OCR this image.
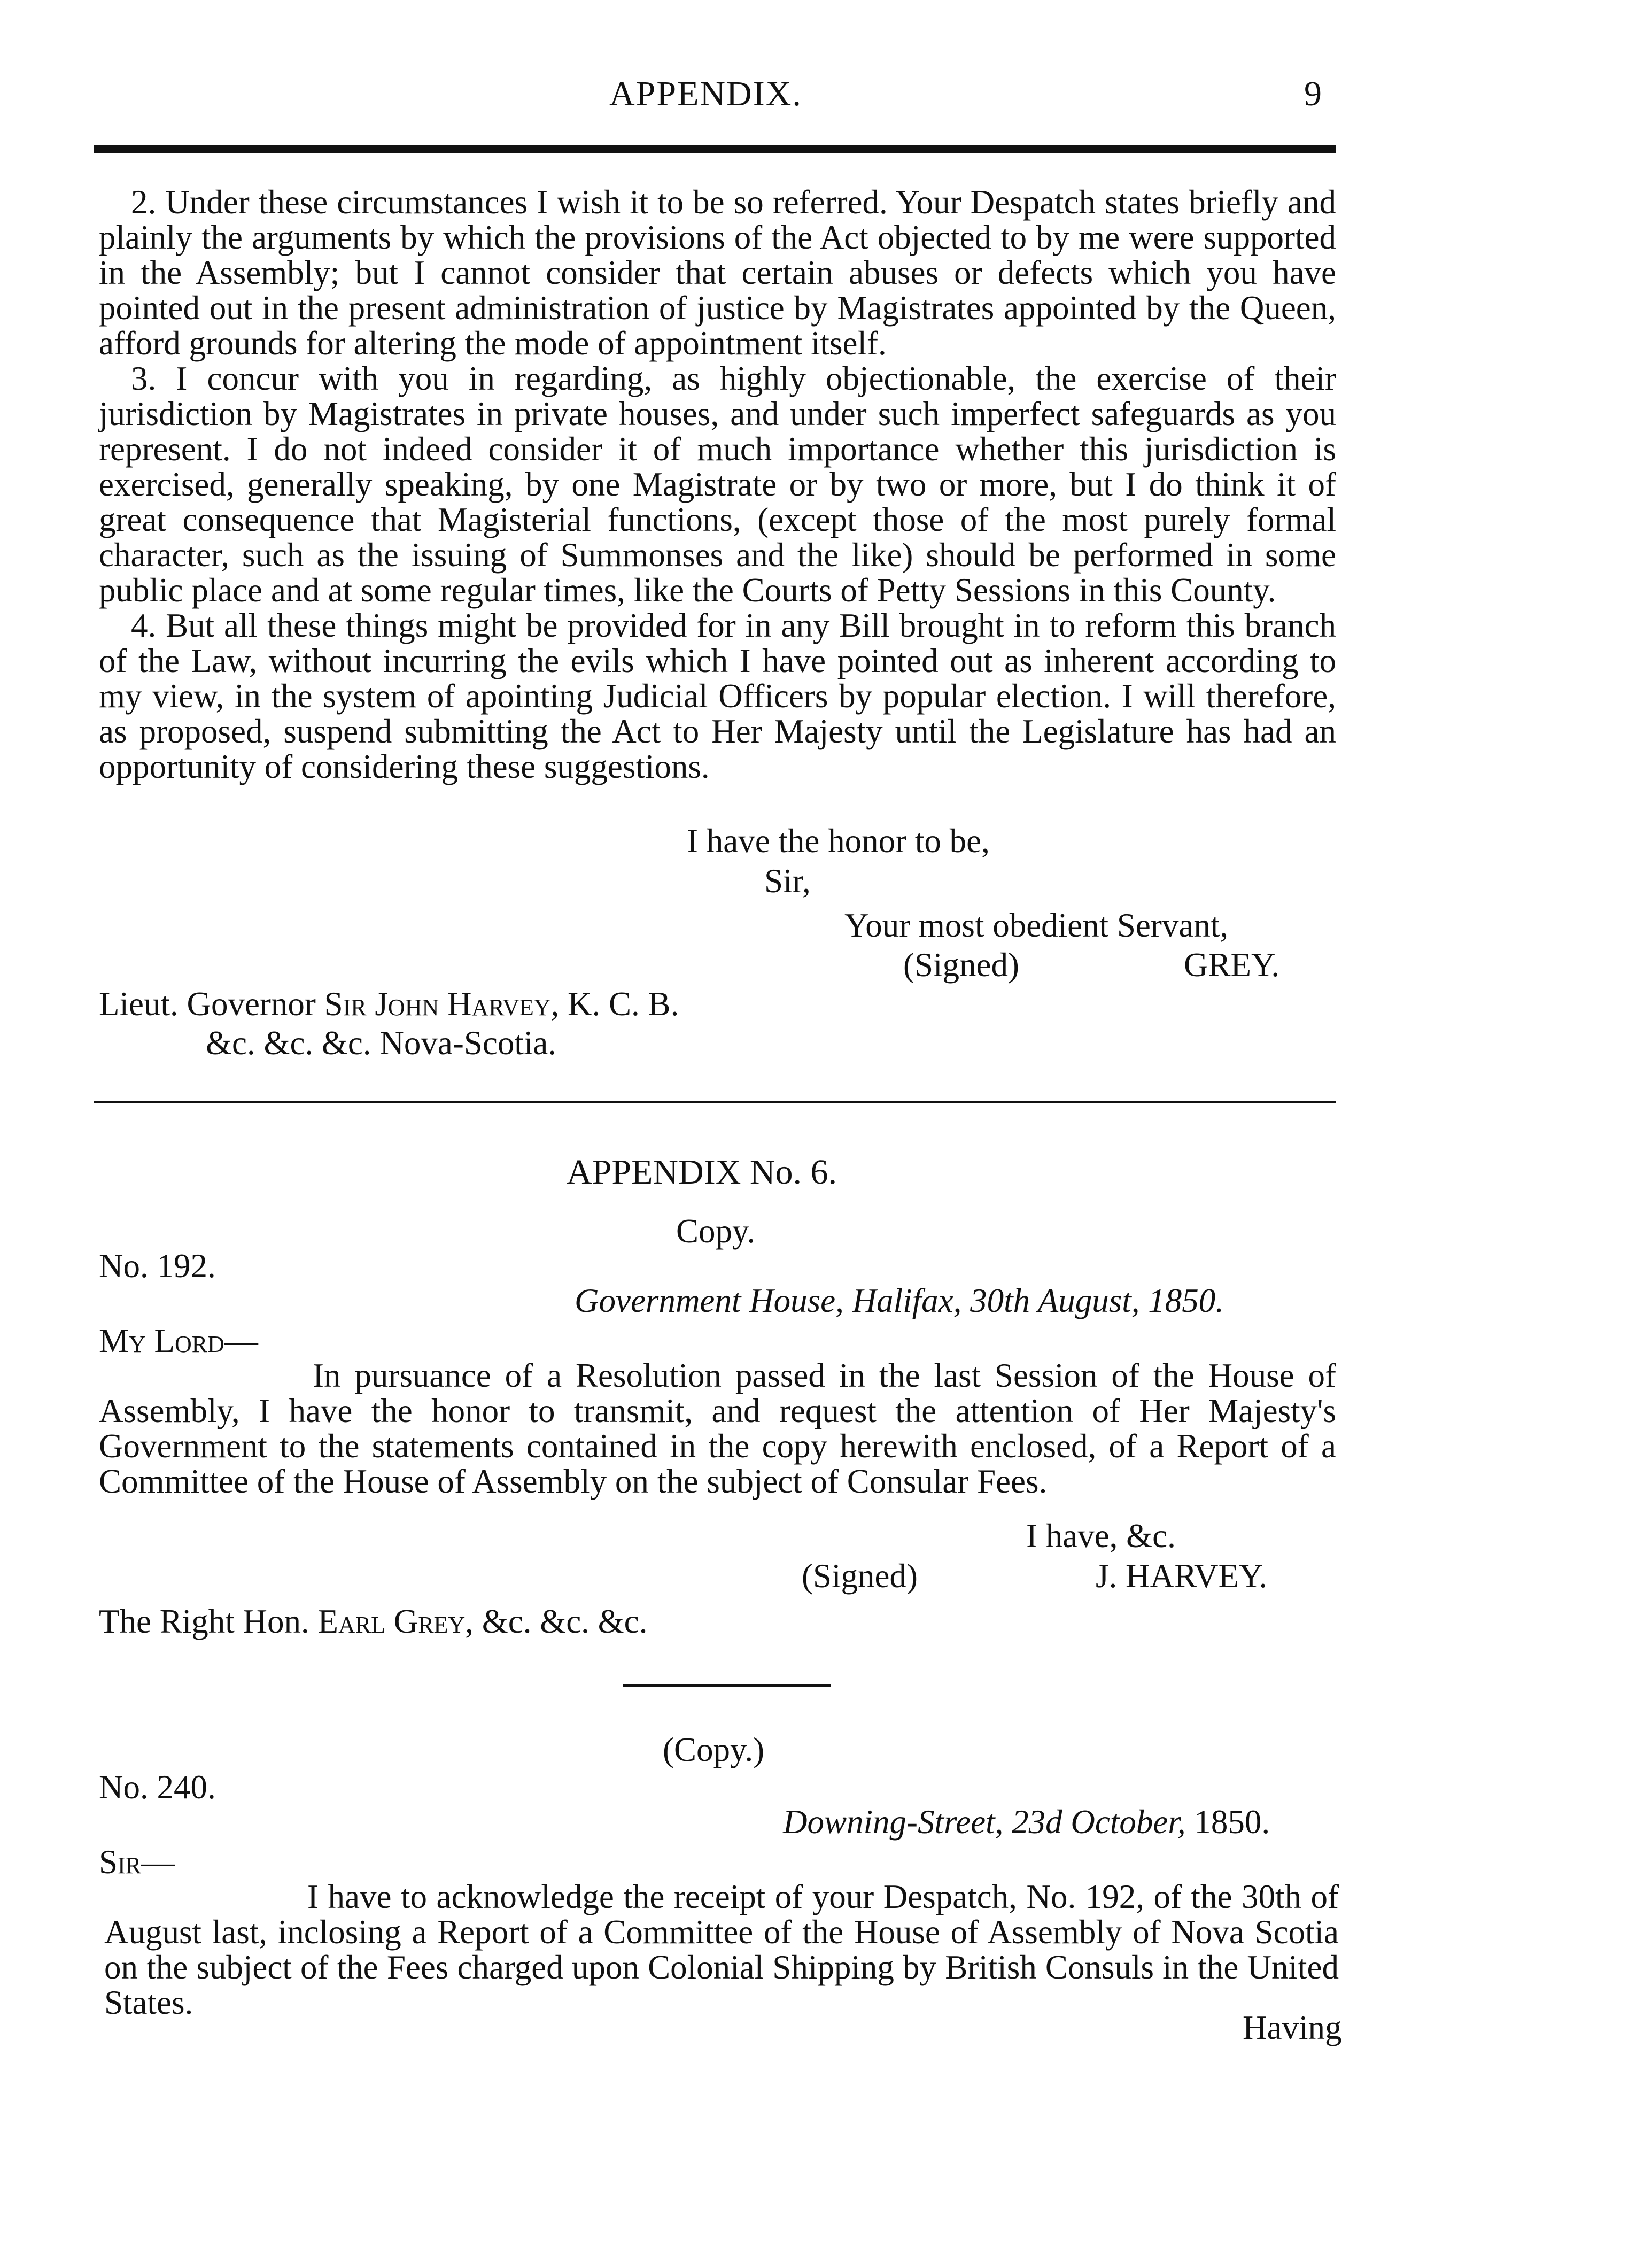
APPENDIX.	9

2. Under these circumstances I wish it to be so referred. Your Despatch states briefly and plainly the arguments by which the provisions of the Act objected to by me were supported in the Assembly; but I cannot consider that certain abuses or defects which you have pointed out in the present administration of justice by Magistrates appointed by the Queen, afford grounds for altering the mode of appointment itself.

3. I concur with you in regarding, as highly objectionable, the exercise of their jurisdiction by Magistrates in private houses, and under such imperfect safeguards as you represent. I do not indeed consider it of much importance whether this jurisdiction is exercised, generally speaking, by one Magistrate or by two or more, but I do think it of great consequence that Magisterial functions, (except those of the most purely formal character, such as the issuing of Summonses and the like) should be performed in some public place and at some regular times, like the Courts of Petty Sessions in this County.

4. But all these things might be provided for in any Bill brought in to reform this branch of the Law, without incurring the evils which I have pointed out as inherent according to my view, in the system of apointing Judicial Officers by popular election. I will therefore, as proposed, suspend submitting the Act to Her Majesty until the Legislature has had an opportunity of considering these suggestions.

I have the honor to be,
Sir,
Your most obedient Servant,
(Signed)	GREY.
Lieut. Governor Sir John Harvey, K. C. B.
&c. &c. &c. Nova-Scotia.
APPENDIX No. 6.
Copy.
No. 192.
Government House, Halifax, 30th August, 1850.
My Lord—
In pursuance of a Resolution passed in the last Session of the House of Assembly, I have the honor to transmit, and request the attention of Her Majesty's Government to the statements contained in the copy herewith enclosed, of a Report of a Committee of the House of Assembly on the subject of Consular Fees.
I have, &c.
(Signed)	J. HARVEY.
The Right Hon. Earl Grey, &c. &c. &c.
(Copy.)
No. 240.
Downing-Street, 23d October, 1850.
Sir—
I have to acknowledge the receipt of your Despatch, No. 192, of the 30th of August last, inclosing a Report of a Committee of the House of Assembly of Nova Scotia on the subject of the Fees charged upon Colonial Shipping by British Consuls in the United States.
Having
